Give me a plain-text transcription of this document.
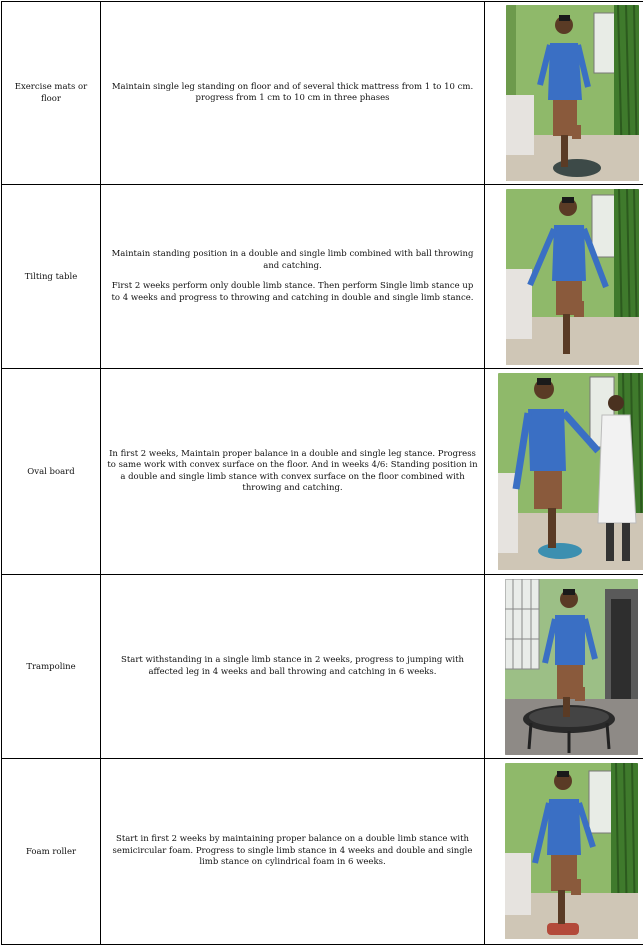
Exercise mats or floor	Maintain single leg standing on floor and of several thick mattress from 1 to 10 cm. progress from 1 cm to 10 cm in three phases

Tilting table	Maintain standing position in a double and single limb combined with ball throwing and catching.

First 2 weeks perform only double limb stance. Then perform Single limb stance up to 4 weeks and progress to throwing and catching in double and single limb stance.

Oval board	In first 2 weeks, Maintain proper balance in a double and single leg stance. Progress to same work with convex surface on the floor. And in weeks 4/6: Standing position in a double and single limb stance with convex surface on the floor combined with throwing and catching.

Trampoline	Start withstanding in a single limb stance in 2 weeks, progress to jumping with affected leg in 4 weeks and ball throwing and catching in 6 weeks.

Foam roller	Start in first 2 weeks by maintaining proper balance on a double limb stance with semicircular foam. Progress to single limb stance in 4 weeks and double and single limb stance on cylindrical foam in 6 weeks.
